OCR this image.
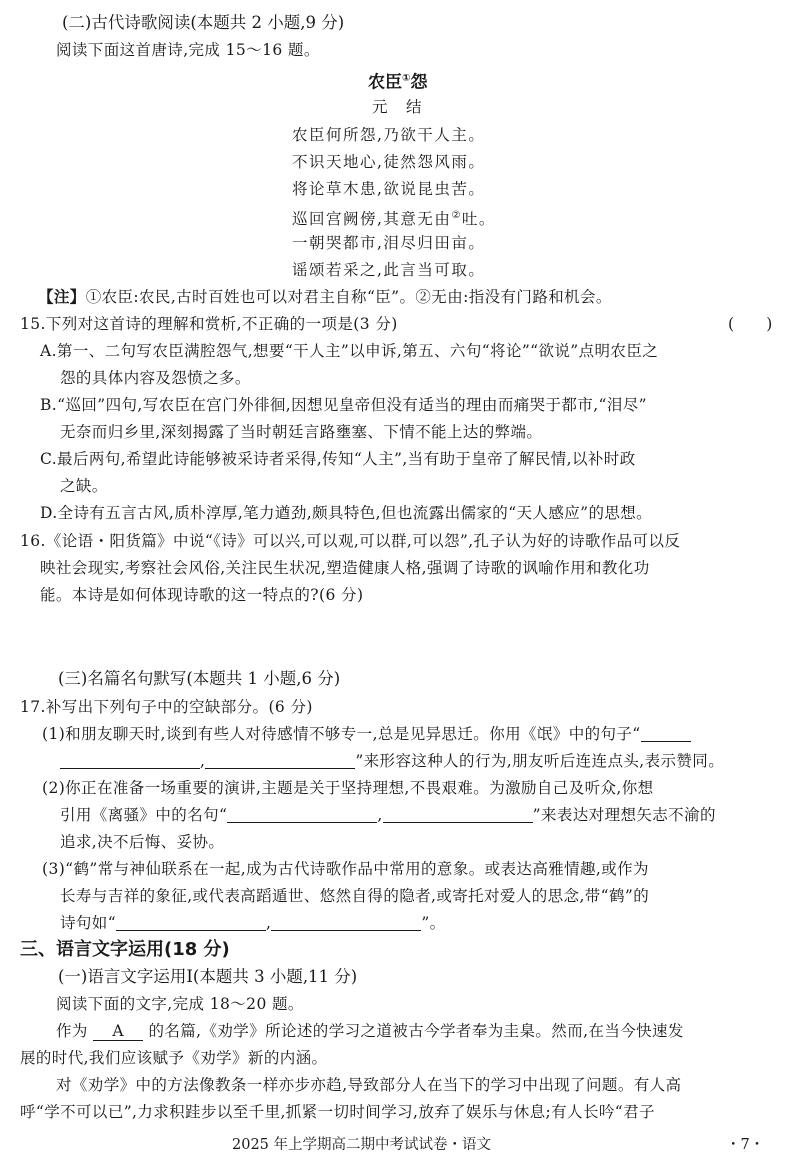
(二)古代诗歌阅读(本题共 2 小题,9 分)
阅读下面这首唐诗,完成 15～16 题。
农臣①怨
元　结
农臣何所怨,乃欲干人主。
不识天地心,徒然怨风雨。
将论草木患,欲说昆虫苦。
巡回宫阙傍,其意无由②吐。
一朝哭都市,泪尽归田亩。
谣颂若采之,此言当可取。
【注】①农臣:农民,古时百姓也可以对君主自称“臣”。②无由:指没有门路和机会。
15.下列对这首诗的理解和赏析,不正确的一项是(3 分)	(　　)
A.第一、二句写农臣满腔怨气,想要“干人主”以申诉,第五、六句“将论”“欲说”点明农臣之
怨的具体内容及怨愤之多。
B.“巡回”四句,写农臣在宫门外徘徊,因想见皇帝但没有适当的理由而痛哭于都市,“泪尽”
无奈而归乡里,深刻揭露了当时朝廷言路壅塞、下情不能上达的弊端。
C.最后两句,希望此诗能够被采诗者采得,传知“人主”,当有助于皇帝了解民情,以补时政
之缺。
D.全诗有五言古风,质朴淳厚,笔力遒劲,颇具特色,但也流露出儒家的“天人感应”的思想。
16.《论语・阳货篇》中说“《诗》可以兴,可以观,可以群,可以怨”,孔子认为好的诗歌作品可以反
映社会现实,考察社会风俗,关注民生状况,塑造健康人格,强调了诗歌的讽喻作用和教化功
能。本诗是如何体现诗歌的这一特点的?(6 分)
(三)名篇名句默写(本题共 1 小题,6 分)
17.补写出下列句子中的空缺部分。(6 分)
(1)和朋友聊天时,谈到有些人对待感情不够专一,总是见异思迁。你用《氓》中的句子“
,	”来形容这种人的行为,朋友听后连连点头,表示赞同。
(2)你正在准备一场重要的演讲,主题是关于坚持理想,不畏艰难。为激励自己及听众,你想
引用《离骚》中的名句“	,	”来表达对理想矢志不渝的
追求,决不后悔、妥协。
(3)“鹤”常与神仙联系在一起,成为古代诗歌作品中常用的意象。或表达高雅情趣,或作为
长寿与吉祥的象征,或代表高蹈遁世、悠然自得的隐者,或寄托对爱人的思念,带“鹤”的
诗句如“	,	”。
三、语言文字运用(18 分)
(一)语言文字运用Ⅰ(本题共 3 小题,11 分)
阅读下面的文字,完成 18～20 题。
作为 A 的名篇,《劝学》所论述的学习之道被古今学者奉为圭臬。然而,在当今快速发
展的时代,我们应该赋予《劝学》新的内涵。
对《劝学》中的方法像教条一样亦步亦趋,导致部分人在当下的学习中出现了问题。有人高
呼“学不可以已”,力求积跬步以至千里,抓紧一切时间学习,放弃了娱乐与休息;有人长吟“君子
2025 年上学期高二期中考试试卷・语文	・7・
